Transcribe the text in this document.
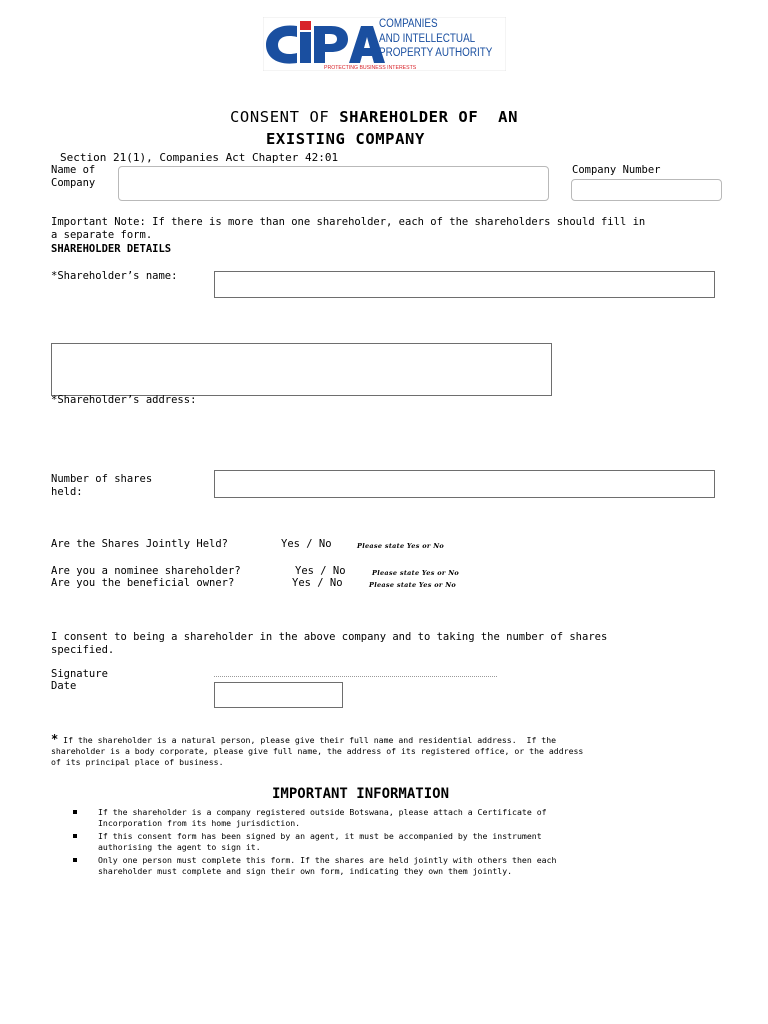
PROTECTING BUSINESS INTERESTS
COMPANIES
AND INTELLECTUAL
PROPERTY AUTHORITY
CONSENT OF SHAREHOLDER OF  AN
EXISTING COMPANY
Section 21(1), Companies Act Chapter 42:01
Name of
Company
Company Number
Important Note: If there is more than one shareholder, each of the shareholders should fill in
a separate form.
SHAREHOLDER DETAILS
*Shareholder’s name:
*Shareholder’s address:
Number of shares
held:
Are the Shares Jointly Held?	Yes / No	Please state Yes or No
Are you a nominee shareholder?	Yes / No	Please state Yes or No
Are you the beneficial owner?	Yes / No	Please state Yes or No
I consent to being a shareholder in the above company and to taking the number of shares
specified.
Signature
Date
* If the shareholder is a natural person, please give their full name and residential address.  If the
shareholder is a body corporate, please give full name, the address of its registered office, or the address
of its principal place of business.
IMPORTANT INFORMATION
If the shareholder is a company registered outside Botswana, please attach a Certificate of
Incorporation from its home jurisdiction.
If this consent form has been signed by an agent, it must be accompanied by the instrument
authorising the agent to sign it.
Only one person must complete this form. If the shares are held jointly with others then each
shareholder must complete and sign their own form, indicating they own them jointly.
